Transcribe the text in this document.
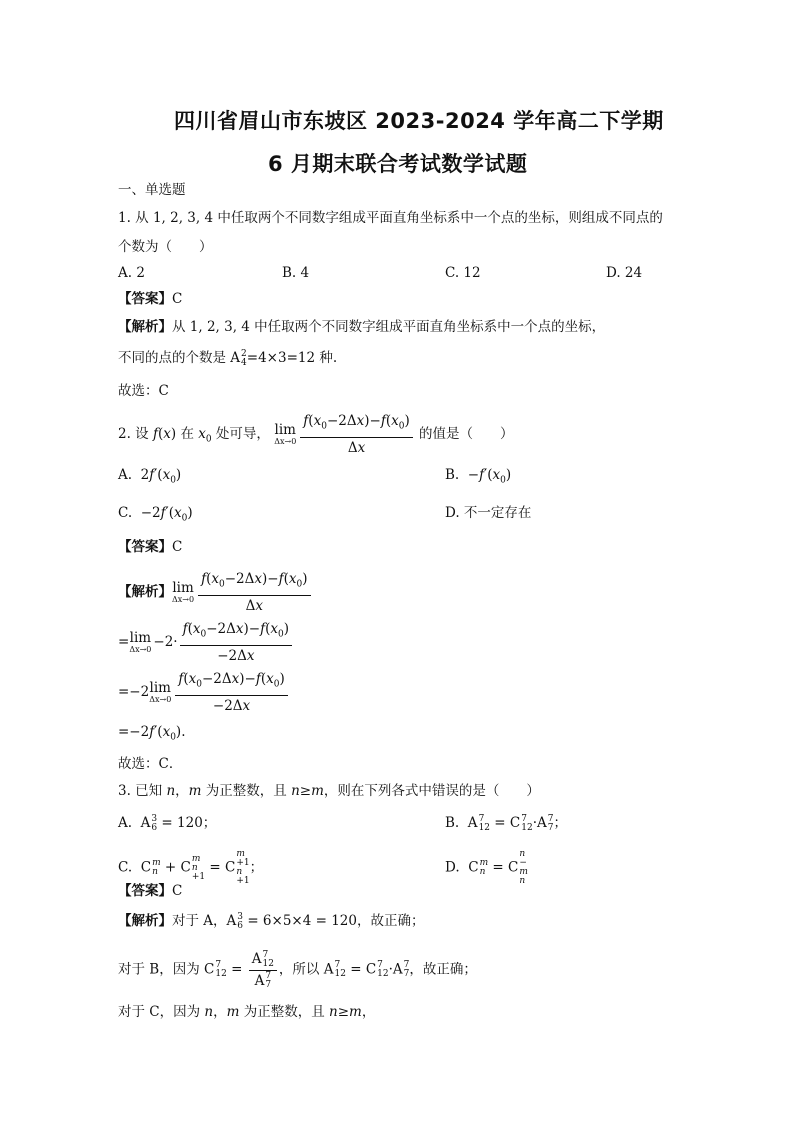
四川省眉山市东坡区 2023-2024 学年高二下学期
6 月期末联合考试数学试题
一、单选题
1. 从 1, 2, 3, 4 中任取两个不同数字组成平面直角坐标系中一个点的坐标，则组成不同点的
个数为（　　）
A. 2	B. 4	C. 12	D. 24
【答案】C
【解析】从 1, 2, 3, 4 中任取两个不同数字组成平面直角坐标系中一个点的坐标，
不同的点的个数是 A 2
4 =4×3=12 种.
故选：C
2. 设 f(x) 在 $x_0$ 处可导， lim
$\Delta x\to 0 \frac{f(x_0-2\Delta x)-f(x_0)}{\Delta x}$ 的值是（　　）
A.  $2f'(x_0)$	B.  $-f'(x_0)$
C.  $-2f'(x_0)$	D. 不一定存在
【答案】C
【解析】 lim
$\Delta x\to 0 \frac{f(x_0-2\Delta x)-f(x_0)}{\Delta x}$
= lim
$\Delta x\to 0 -2\cdot \frac{f(x_0-2\Delta x)-f(x_0)}{-2\Delta x}$
=−2 lim
$\Delta x\to 0 \frac{f(x_0-2\Delta x)-f(x_0)}{-2\Delta x}$
$=-2f'(x_0)$.
故选：C．
3. 已知 n，m 为正整数，且 n≥m，则在下列各式中错误的是（　　）
A.  A 3
6 = 120；	B.  A 7
12 = C 7
12 ·A 7
7 ；
C.  C m
n + C
m
n
+1
= C
m
+1
n
+1
；	D.  C m
n = C
n
−
m
n
【答案】C
【解析】对于 A，A 3
6 = 6×5×4 = 120，故正确；
对于 B，因为 C 7
12 = A 7
12
A 7
7 ，所以 A 7
12 = C 7
12 ·A 7
7 ，故正确；
对于 C，因为 n，m 为正整数，且 n≥m，
